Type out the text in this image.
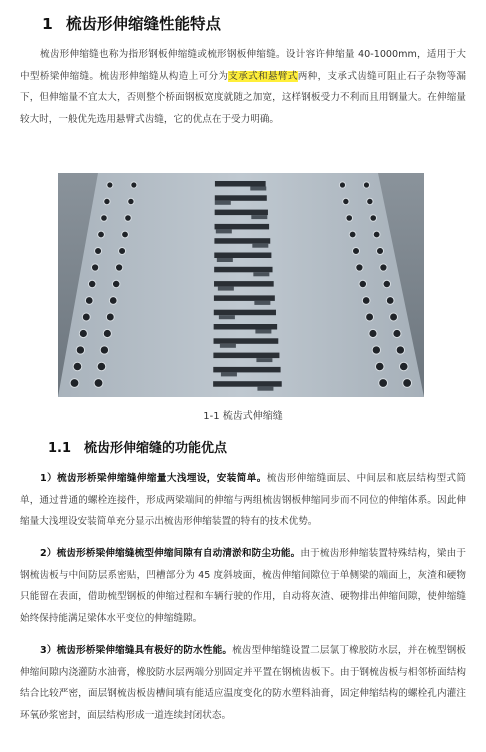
1 梳齿形伸缩缝性能特点
梳齿形伸缩缝也称为指形钢板伸缩缝或梳形钢板伸缩缝。设计容许伸缩量 40-1000mm，适用于大中型桥梁伸缩缝。梳齿形伸缩缝从构造上可分为支承式和悬臂式两种，支承式齿缝可阻止石子杂物等漏下，但伸缩量不宜太大，否则整个桥面钢板宽度就随之加宽，这样钢板受力不利而且用钢量大。在伸缩量较大时，一般优先选用悬臂式齿缝，它的优点在于受力明确。
1-1 梳齿式伸缩缝
1.1 梳齿形伸缩缝的功能优点
1）梳齿形桥梁伸缩缝伸缩量大浅埋设，安装简单。梳齿形伸缩缝面层、中间层和底层结构型式简单，通过普通的螺栓连接件，形成两梁端间的伸缩与两组梳齿钢板伸缩同步而不同位的伸缩体系。因此伸缩量大浅埋设安装简单充分显示出梳齿形伸缩装置的特有的技术优势。
2）梳齿形桥梁伸缩缝梳型伸缩间隙有自动清淤和防尘功能。由于梳齿形伸缩装置特殊结构，梁由于钢梳齿板与中间防层系密贴，凹槽部分为 45 度斜坡面，梳齿伸缩间隙位于单侧梁的端面上，灰渣和硬物只能留在表面，借助梳型钢板的伸缩过程和车辆行驶的作用，自动将灰渣、硬物排出伸缩间隙，使伸缩缝始终保持能满足梁体水平变位的伸缩缝隙。
3）梳齿形桥梁伸缩缝具有极好的防水性能。梳齿型伸缩缝设置二层氯丁橡胶防水层，并在梳型钢板伸缩间隙内浇灌防水油膏，橡胶防水层两端分别固定并平置在钢梳齿板下。由于钢梳齿板与相邻桥面结构结合比较严密，面层钢梳齿板齿槽间填有能适应温度变化的防水塑料油膏，固定伸缩结构的螺栓孔内灌注环氧砂浆密封，面层结构形成一道连续封闭状态。
